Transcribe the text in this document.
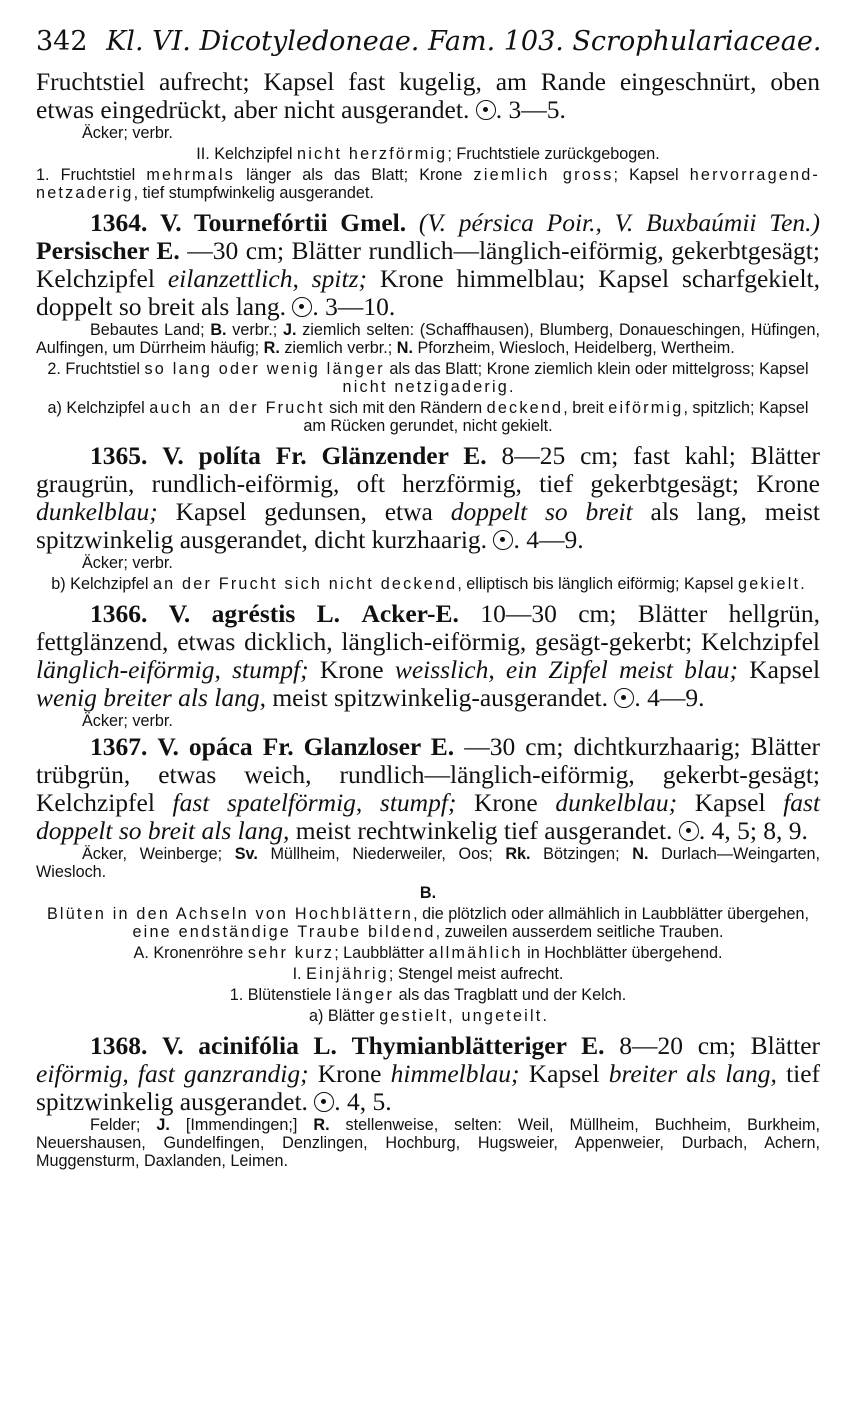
342 Kl. VI. Dicotyledoneae. Fam. 103. Scrophulariaceae.
Fruchtstiel aufrecht; Kapsel fast kugelig, am Rande eingeschnürt, oben etwas eingedrückt, aber nicht ausgerandet. . 3—5.
Äcker; verbr.
II. Kelchzipfel nicht herzförmig; Fruchtstiele zurückgebogen.
1. Fruchtstiel mehrmals länger als das Blatt; Krone ziemlich gross; Kapsel hervorragend-netzaderig, tief stumpfwinkelig ausgerandet.
1364. V. Tournefórtii Gmel. (V. pérsica Poir., V. Buxbaúmii Ten.) Persischer E. —30 cm; Blätter rundlich—länglich-eiförmig, gekerbtgesägt; Kelchzipfel eilanzettlich, spitz; Krone himmelblau; Kapsel scharfgekielt, doppelt so breit als lang. . 3—10.
Bebautes Land; B. verbr.; J. ziemlich selten: (Schaffhausen), Blumberg, Donaueschingen, Hüfingen, Aulfingen, um Dürrheim häufig; R. ziemlich verbr.; N. Pforzheim, Wiesloch, Heidelberg, Wertheim.
2. Fruchtstiel so lang oder wenig länger als das Blatt; Krone ziemlich klein oder mittelgross; Kapsel nicht netzigaderig.
a) Kelchzipfel auch an der Frucht sich mit den Rändern deckend, breit eiförmig, spitzlich; Kapsel am Rücken gerundet, nicht gekielt.
1365. V. políta Fr. Glänzender E. 8—25 cm; fast kahl; Blätter graugrün, rundlich-eiförmig, oft herzförmig, tief gekerbtgesägt; Krone dunkelblau; Kapsel gedunsen, etwa doppelt so breit als lang, meist spitzwinkelig ausgerandet, dicht kurzhaarig. . 4—9.
Äcker; verbr.
b) Kelchzipfel an der Frucht sich nicht deckend, elliptisch bis länglich eiförmig; Kapsel gekielt.
1366. V. agréstis L. Acker-E. 10—30 cm; Blätter hellgrün, fettglänzend, etwas dicklich, länglich-eiförmig, gesägt-gekerbt; Kelchzipfel länglich-eiförmig, stumpf; Krone weisslich, ein Zipfel meist blau; Kapsel wenig breiter als lang, meist spitzwinkelig-ausgerandet. . 4—9.
Äcker; verbr.
1367. V. opáca Fr. Glanzloser E. —30 cm; dichtkurzhaarig; Blätter trübgrün, etwas weich, rundlich—länglich-eiförmig, gekerbt-gesägt; Kelchzipfel fast spatelförmig, stumpf; Krone dunkelblau; Kapsel fast doppelt so breit als lang, meist rechtwinkelig tief ausgerandet. . 4, 5; 8, 9.
Äcker, Weinberge; Sv. Müllheim, Niederweiler, Oos; Rk. Bötzingen; N. Durlach—Weingarten, Wiesloch.
B.
Blüten in den Achseln von Hochblättern, die plötzlich oder allmählich in Laubblätter übergehen, eine endständige Traube bildend, zuweilen ausserdem seitliche Trauben.
A. Kronenröhre sehr kurz; Laubblätter allmählich in Hochblätter übergehend.
I. Einjährig; Stengel meist aufrecht.
1. Blütenstiele länger als das Tragblatt und der Kelch.
a) Blätter gestielt, ungeteilt.
1368. V. acinifólia L. Thymianblätteriger E. 8—20 cm; Blätter eiförmig, fast ganzrandig; Krone himmelblau; Kapsel breiter als lang, tief spitzwinkelig ausgerandet. . 4, 5.
Felder; J. [Immendingen;] R. stellenweise, selten: Weil, Müllheim, Buchheim, Burkheim, Neuershausen, Gundelfingen, Denzlingen, Hochburg, Hugsweier, Appenweier, Durbach, Achern, Muggensturm, Daxlanden, Leimen.
